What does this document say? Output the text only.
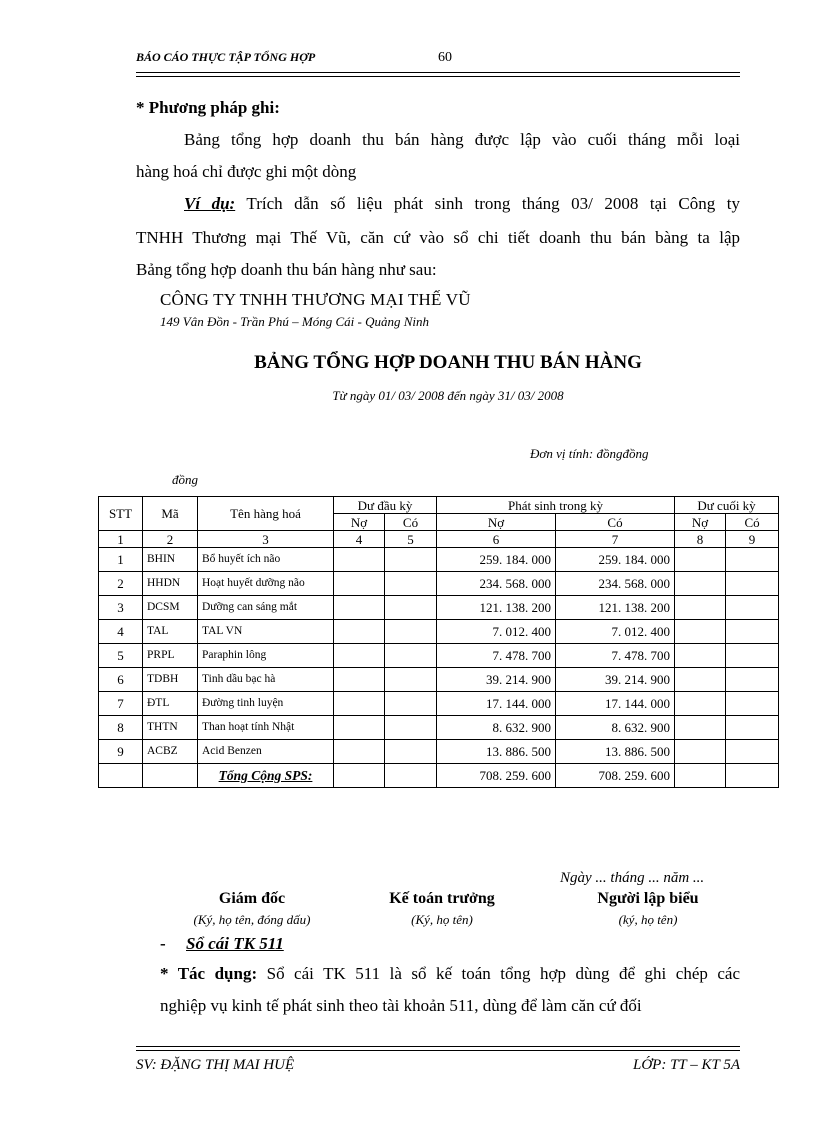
BÁO CÁO THỰC TẬP TỔNG HỢP	60
* Phương pháp ghi:
Bảng tổng hợp doanh thu bán hàng được lập vào cuối tháng mỗi loại
hàng hoá chỉ được ghi một dòng
Ví dụ: Trích dẫn số liệu phát sinh trong tháng 03/ 2008 tại Công ty
TNHH Thương mại Thế Vũ, căn cứ vào sổ chi tiết doanh thu bán bàng ta lập
Bảng tổng hợp doanh thu bán hàng như sau:
CÔNG TY TNHH THƯƠNG MẠI THẾ VŨ
149 Vân Đồn - Trần Phú – Móng Cái - Quảng Ninh
BẢNG TỔNG HỢP DOANH THU BÁN HÀNG
Từ ngày 01/ 03/ 2008 đến ngày 31/ 03/ 2008
Đơn vị tính: đồngđồng
đồng
STT	Mã	Tên hàng hoá	Dư đầu kỳ		Phát sinh trong kỳ		Dư cuối kỳ	
			Nợ	Có	Nợ	Có	Nợ	Có
1	2	3	4	5	6	7	8	9
1	BHIN	Bổ huyết ích não			259. 184. 000	259. 184. 000		
2	HHDN	Hoạt huyết dưỡng não			234. 568. 000	234. 568. 000		
3	DCSM	Dưỡng can sáng mắt			121. 138. 200	121. 138. 200		
4	TAL	TAL VN			7. 012. 400	7. 012. 400		
5	PRPL	Paraphin lông			7. 478. 700	7. 478. 700		
6	TDBH	Tinh dầu bạc hà			39. 214. 900	39. 214. 900		
7	ĐTL	Đường tinh luyện			17. 144. 000	17. 144. 000		
8	THTN	Than hoạt tính Nhật			8. 632. 900	8. 632. 900		
9	ACBZ	Acid Benzen			13. 886. 500	13. 886. 500		
		Tổng Cộng SPS:			708. 259. 600	708. 259. 600		
Ngày ... tháng ... năm ...
Giám đốc
(Ký, họ tên, đóng dấu)
Kế toán trưởng
(Ký, họ tên)
Người lập biểu
(ký, họ tên)
- Sổ cái TK 511
* Tác dụng: Sổ cái TK 511 là sổ kế toán tổng hợp dùng để ghi chép các
nghiệp vụ kinh tế phát sinh theo tài khoản 511, dùng để làm căn cứ đối
SV: ĐẶNG THỊ MAI HUỆ	LỚP: TT – KT 5A
